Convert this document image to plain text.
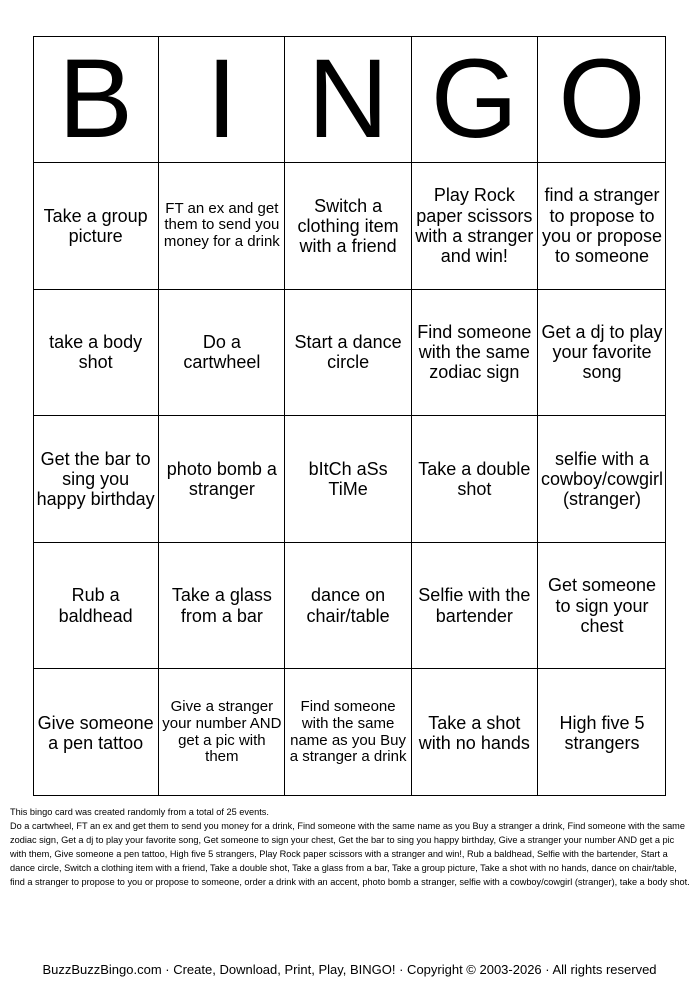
B I N G O
Take a group picture
FT an ex and get them to send you money for a drink
Switch a clothing item with a friend
Play Rock paper scissors with a stranger and win!
find a stranger to propose to you or propose to someone
take a body shot
Do a cartwheel
Start a dance circle
Find someone with the same zodiac sign
Get a dj to play your favorite song
Get the bar to sing you happy birthday
photo bomb a stranger
bItCh aSs TiMe
Take a double shot
selfie with a cowboy/cowgirl (stranger)
Rub a baldhead
Take a glass from a bar
dance on chair/table
Selfie with the bartender
Get someone to sign your chest
Give someone a pen tattoo
Give a stranger your number AND get a pic with them
Find someone with the same name as you Buy a stranger a drink
Take a shot with no hands
High five 5 strangers
This bingo card was created randomly from a total of 25 events.
Do a cartwheel, FT an ex and get them to send you money for a drink, Find someone with the same name as you Buy a stranger a drink, Find someone with the same zodiac sign, Get a dj to play your favorite song, Get someone to sign your chest, Get the bar to sing you happy birthday, Give a stranger your number AND get a pic with them, Give someone a pen tattoo, High five 5 strangers, Play Rock paper scissors with a stranger and win!, Rub a baldhead, Selfie with the bartender, Start a dance circle, Switch a clothing item with a friend, Take a double shot, Take a glass from a bar, Take a group picture, Take a shot with no hands, dance on chair/table, find a stranger to propose to you or propose to someone, order a drink with an accent, photo bomb a stranger, selfie with a cowboy/cowgirl (stranger), take a body shot.
BuzzBuzzBingo.com · Create, Download, Print, Play, BINGO! · Copyright © 2003-2026 · All rights reserved
